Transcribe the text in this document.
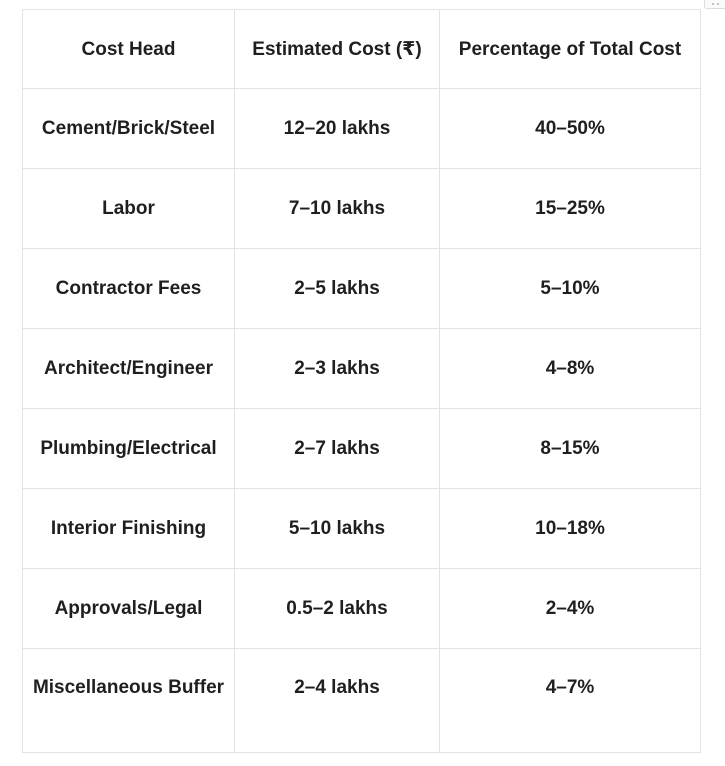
Cost Head	Estimated Cost (₹)	Percentage of Total Cost
Cement/Brick/Steel	12–20 lakhs	40–50%
Labor	7–10 lakhs	15–25%
Contractor Fees	2–5 lakhs	5–10%
Architect/Engineer	2–3 lakhs	4–8%
Plumbing/Electrical	2–7 lakhs	8–15%
Interior Finishing	5–10 lakhs	10–18%
Approvals/Legal	0.5–2 lakhs	2–4%
Miscellaneous Buffer	2–4 lakhs	4–7%
